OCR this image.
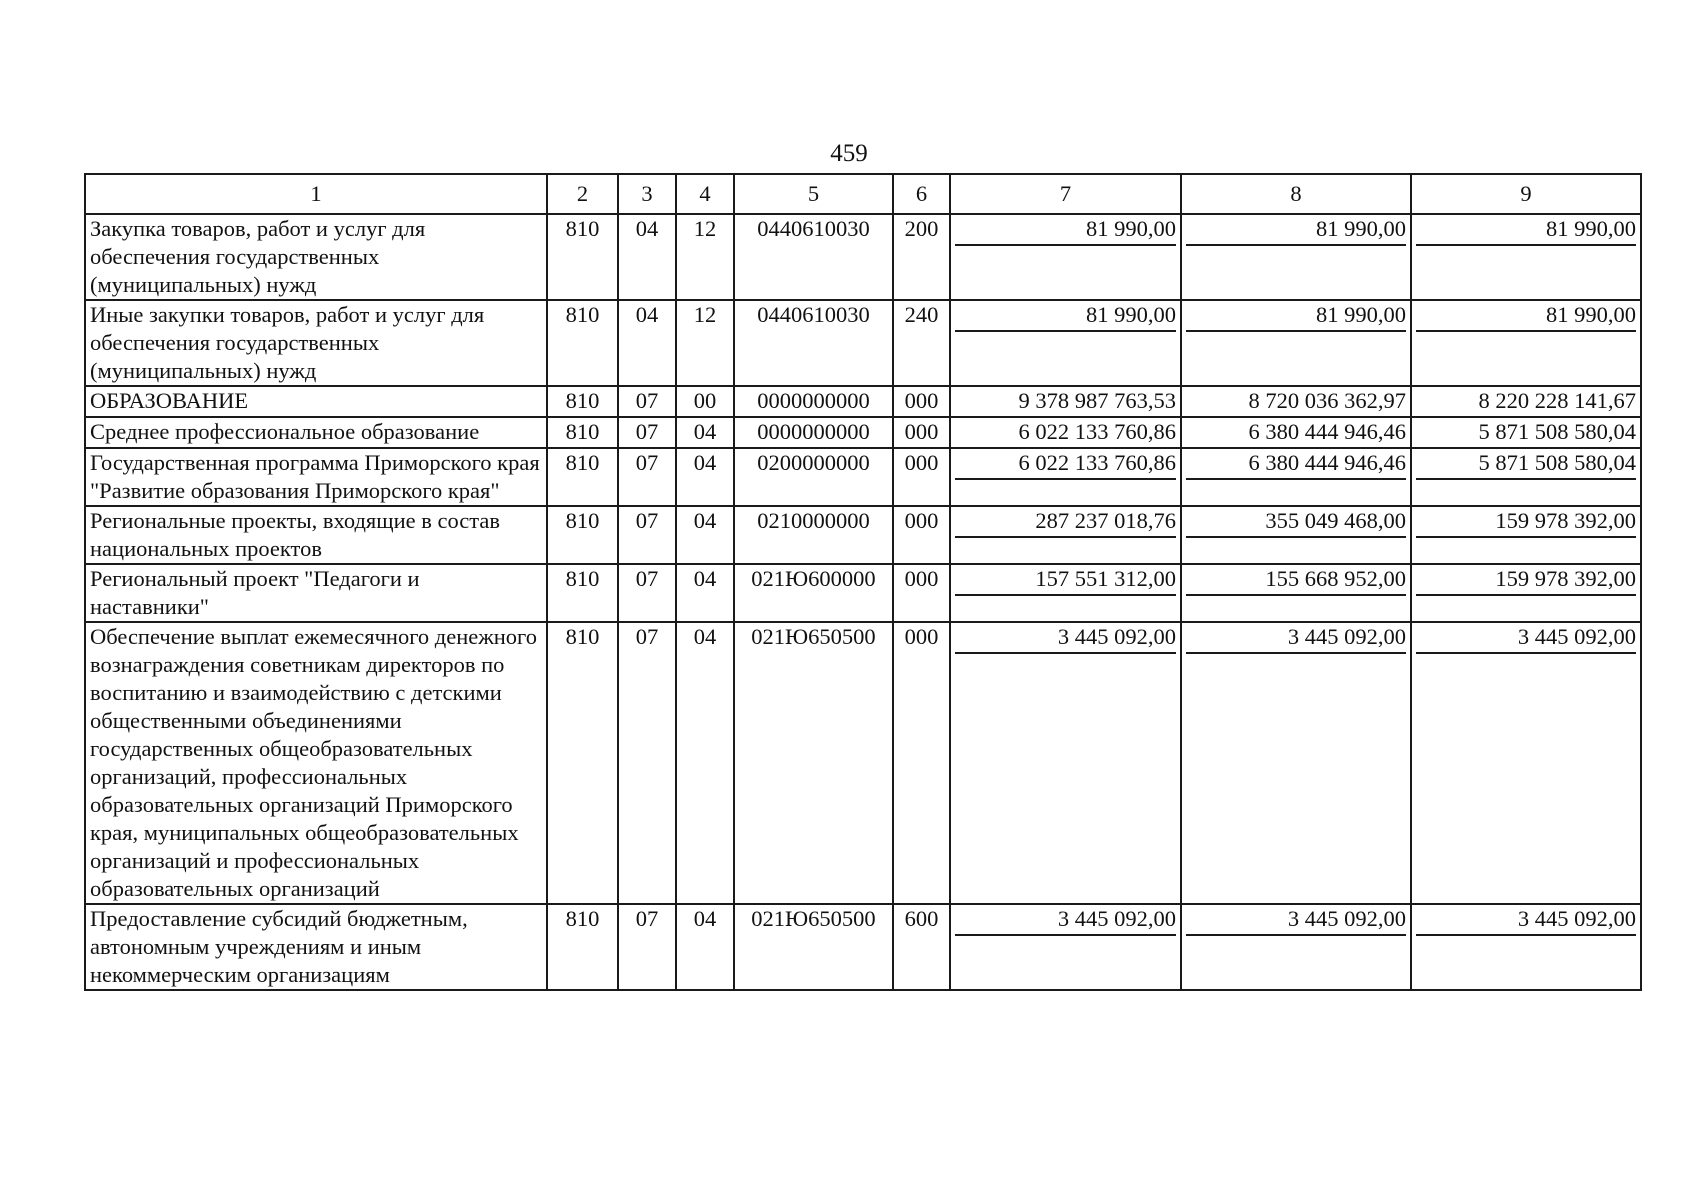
459
1	2	3	4	5	6	7	8	9
Закупка товаров, работ и услуг для обеспечения государственных (муниципальных) нужд	810	04	12	0440610030	200	81 990,00	81 990,00	81 990,00

Иные закупки товаров, работ и услуг для обеспечения государственных (муниципальных) нужд	810	04	12	0440610030	240	81 990,00	81 990,00	81 990,00

ОБРАЗОВАНИЕ	810	07	00	0000000000	000	9 378 987 763,53	8 720 036 362,97	8 220 228 141,67

Среднее профессиональное образование	810	07	04	0000000000	000	6 022 133 760,86	6 380 444 946,46	5 871 508 580,04

Государственная программа Приморского края "Развитие образования Приморского края"	810	07	04	0200000000	000	6 022 133 760,86	6 380 444 946,46	5 871 508 580,04

Региональные проекты, входящие в состав национальных проектов	810	07	04	0210000000	000	287 237 018,76	355 049 468,00	159 978 392,00

Региональный проект "Педагоги и наставники"	810	07	04	021Ю600000	000	157 551 312,00	155 668 952,00	159 978 392,00

Обеспечение выплат ежемесячного денежного вознаграждения советникам директоров по воспитанию и взаимодействию с детскими общественными объединениями государственных общеобразовательных организаций, профессиональных образовательных организаций Приморского края, муниципальных общеобразовательных организаций и профессиональных образовательных организаций	810	07	04	021Ю650500	000	3 445 092,00	3 445 092,00	3 445 092,00

Предоставление субсидий бюджетным, автономным учреждениям и иным некоммерческим организациям	810	07	04	021Ю650500	600	3 445 092,00	3 445 092,00	3 445 092,00
